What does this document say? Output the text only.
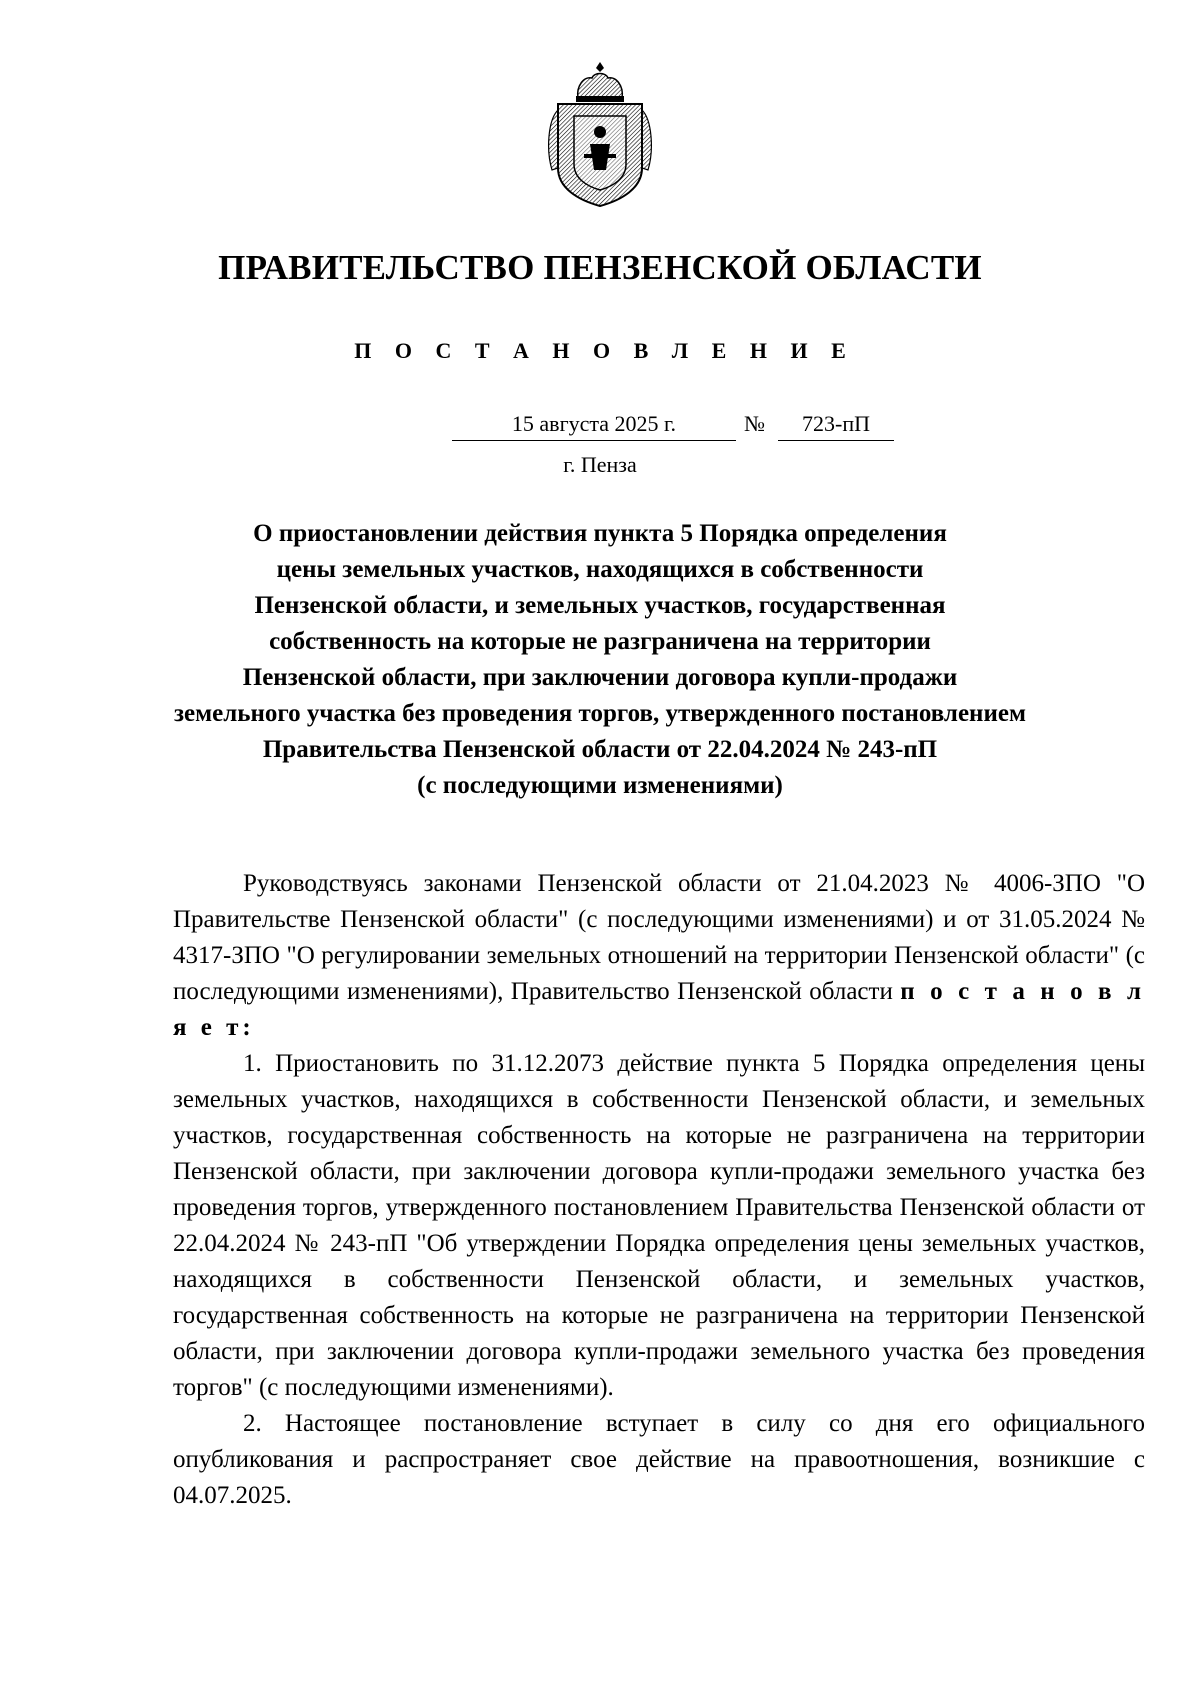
ПРАВИТЕЛЬСТВО ПЕНЗЕНСКОЙ ОБЛАСТИ
П О С Т А Н О В Л Е Н И Е
15 августа 2025 г.	№	723-пП
г. Пенза
О приостановлении действия пункта 5 Порядка определения
цены земельных участков, находящихся в собственности
Пензенской области, и земельных участков, государственная
собственность на которые не разграничена на территории
Пензенской области, при заключении договора купли-продажи
земельного участка без проведения торгов, утвержденного постановлением
Правительства Пензенской области от 22.04.2024 № 243-пП
(с последующими изменениями)

Руководствуясь законами Пензенской области от 21.04.2023 № 4006-ЗПО "О Правительстве Пензенской области" (с последующими изменениями) и от 31.05.2024 № 4317-ЗПО "О регулировании земельных отношений на территории Пензенской области" (с последующими изменениями), Правительство Пензенской области п о с т а н о в л я е т:

1. Приостановить по 31.12.2073 действие пункта 5 Порядка определения цены земельных участков, находящихся в собственности Пензенской области, и земельных участков, государственная собственность на которые не разграничена на территории Пензенской области, при заключении договора купли-продажи земельного участка без проведения торгов, утвержденного постановлением Правительства Пензенской области от 22.04.2024 № 243-пП "Об утверждении Порядка определения цены земельных участков, находящихся в собственности Пензенской области, и земельных участков, государственная собственность на которые не разграничена на территории Пензенской области, при заключении договора купли-продажи земельного участка без проведения торгов" (с последующими изменениями).

2. Настоящее постановление вступает в силу со дня его официального опубликования и распространяет свое действие на правоотношения, возникшие с 04.07.2025.
